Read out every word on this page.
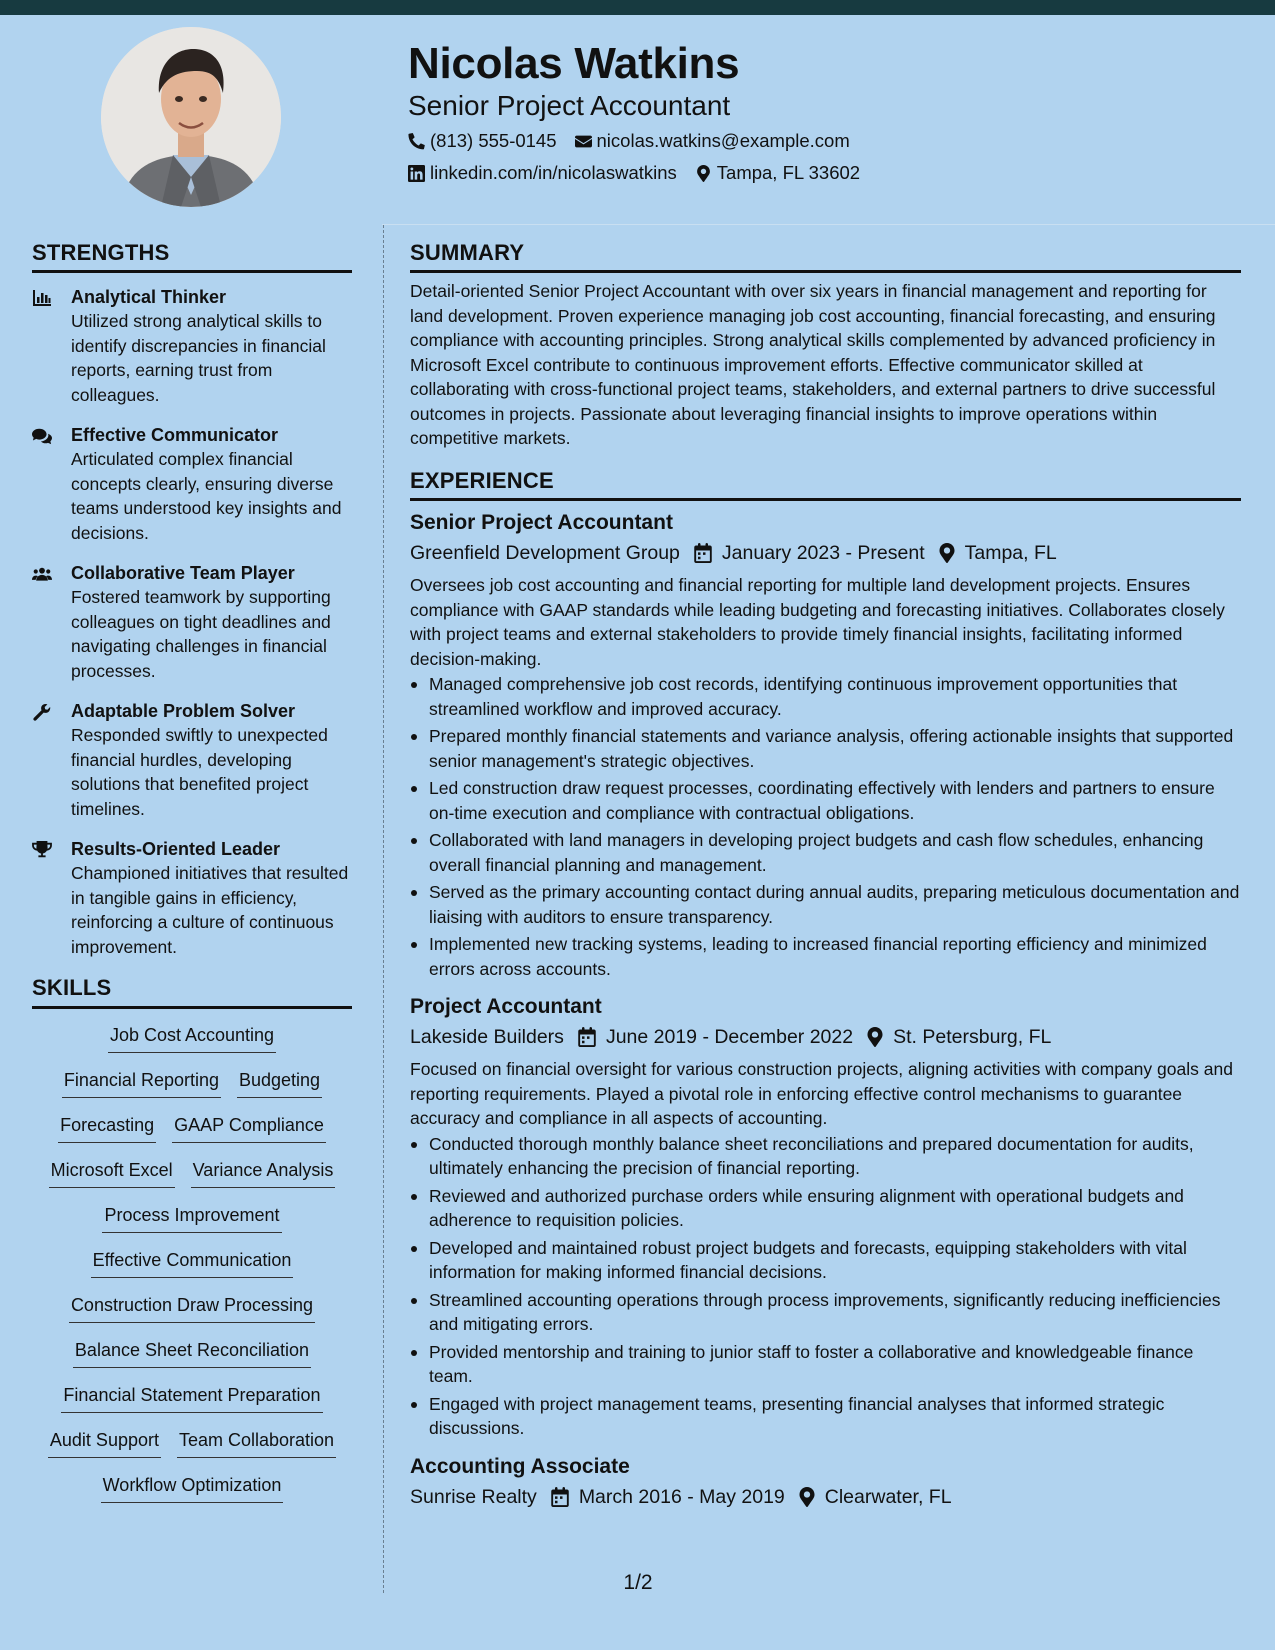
Nicolas Watkins
Senior Project Accountant
(813) 555-0145 nicolas.watkins@example.com
linkedin.com/in/nicolaswatkins Tampa, FL 33602
STRENGTHS
Analytical Thinker
Utilized strong analytical skills to identify discrepancies in financial reports, earning trust from colleagues.
Effective Communicator
Articulated complex financial concepts clearly, ensuring diverse teams understood key insights and decisions.
Collaborative Team Player
Fostered teamwork by supporting colleagues on tight deadlines and navigating challenges in financial processes.
Adaptable Problem Solver
Responded swiftly to unexpected financial hurdles, developing solutions that benefited project timelines.
Results-Oriented Leader
Championed initiatives that resulted in tangible gains in efficiency, reinforcing a culture of continuous improvement.
SKILLS
Job Cost Accounting
Financial Reporting Budgeting
Forecasting GAAP Compliance
Microsoft Excel Variance Analysis
Process Improvement
Effective Communication
Construction Draw Processing
Balance Sheet Reconciliation
Financial Statement Preparation
Audit Support Team Collaboration
Workflow Optimization
SUMMARY
Detail-oriented Senior Project Accountant with over six years in financial management and reporting for land development. Proven experience managing job cost accounting, financial forecasting, and ensuring compliance with accounting principles. Strong analytical skills complemented by advanced proficiency in Microsoft Excel contribute to continuous improvement efforts. Effective communicator skilled at collaborating with cross-functional project teams, stakeholders, and external partners to drive successful outcomes in projects. Passionate about leveraging financial insights to improve operations within competitive markets.
EXPERIENCE
Senior Project Accountant
Greenfield Development Group January 2023 - Present Tampa, FL
Oversees job cost accounting and financial reporting for multiple land development projects. Ensures compliance with GAAP standards while leading budgeting and forecasting initiatives. Collaborates closely with project teams and external stakeholders to provide timely financial insights, facilitating informed decision-making.
Managed comprehensive job cost records, identifying continuous improvement opportunities that streamlined workflow and improved accuracy.
Prepared monthly financial statements and variance analysis, offering actionable insights that supported senior management's strategic objectives.
Led construction draw request processes, coordinating effectively with lenders and partners to ensure on-time execution and compliance with contractual obligations.
Collaborated with land managers in developing project budgets and cash flow schedules, enhancing overall financial planning and management.
Served as the primary accounting contact during annual audits, preparing meticulous documentation and liaising with auditors to ensure transparency.
Implemented new tracking systems, leading to increased financial reporting efficiency and minimized errors across accounts.
Project Accountant
Lakeside Builders June 2019 - December 2022 St. Petersburg, FL
Focused on financial oversight for various construction projects, aligning activities with company goals and reporting requirements. Played a pivotal role in enforcing effective control mechanisms to guarantee accuracy and compliance in all aspects of accounting.
Conducted thorough monthly balance sheet reconciliations and prepared documentation for audits, ultimately enhancing the precision of financial reporting.
Reviewed and authorized purchase orders while ensuring alignment with operational budgets and adherence to requisition policies.
Developed and maintained robust project budgets and forecasts, equipping stakeholders with vital information for making informed financial decisions.
Streamlined accounting operations through process improvements, significantly reducing inefficiencies and mitigating errors.
Provided mentorship and training to junior staff to foster a collaborative and knowledgeable finance team.
Engaged with project management teams, presenting financial analyses that informed strategic discussions.
Accounting Associate
Sunrise Realty March 2016 - May 2019 Clearwater, FL
1/2
